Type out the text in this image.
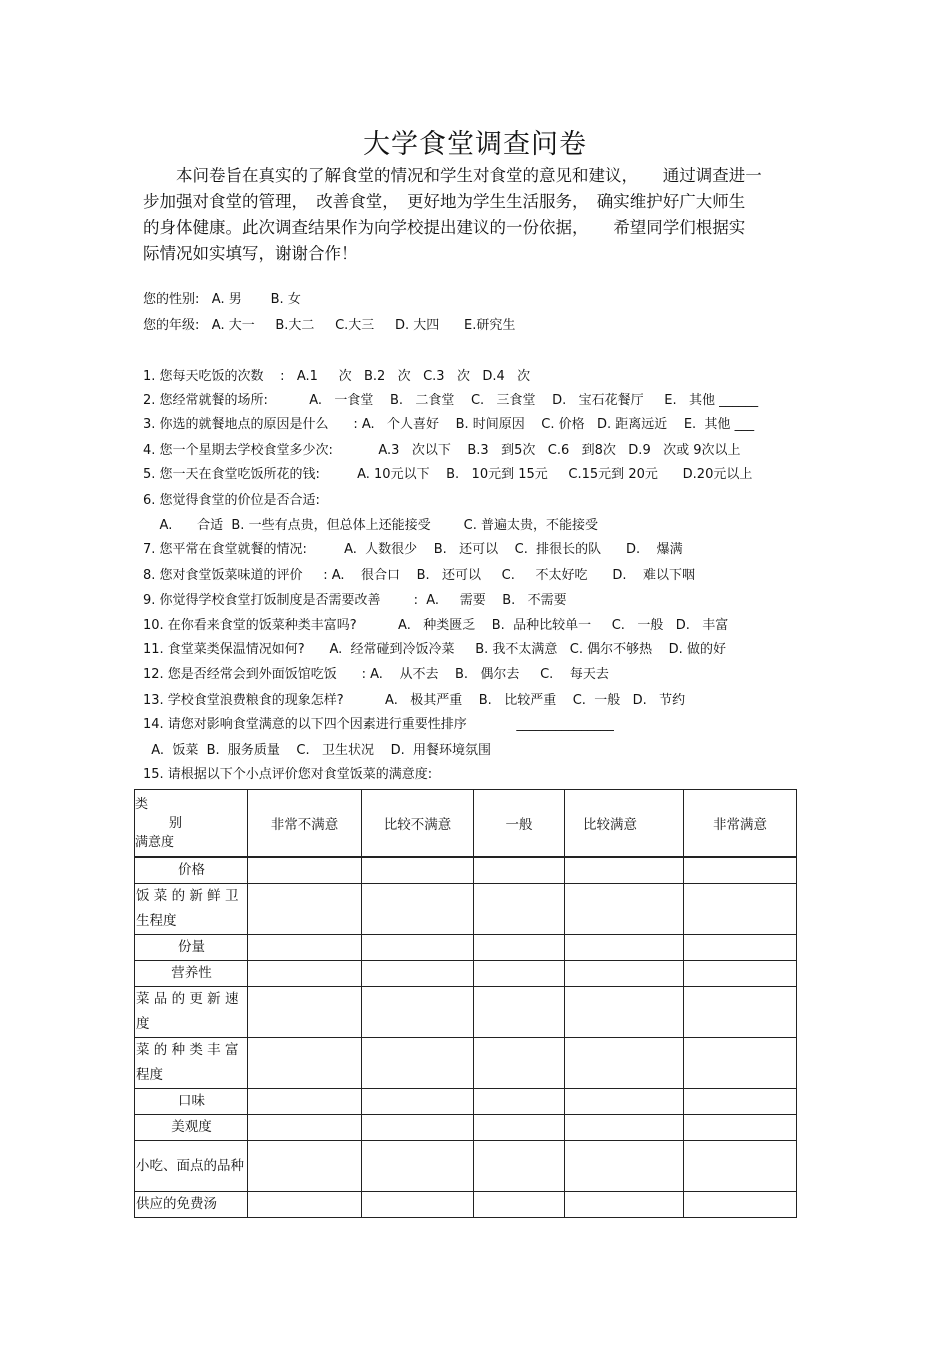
大学食堂调查问卷

　　本问卷旨在真实的了解食堂的情况和学生对食堂的意见和建议，　　通过调查进一

步加强对食堂的管理，　改善食堂，　更好地为学生生活服务，　确实维护好广大师生

的身体健康。此次调查结果作为向学校提出建议的一份依据，　　希望同学们根据实

际情况如实填写，谢谢合作！

您的性别:   A. 男       B. 女
您的年级:   A. 大一     B.大二     C.大三     D. 大四      E.研究生
1. 您每天吃饭的次数    :   A.1     次   B.2   次   C.3   次   D.4   次
2. 您经常就餐的场所:          A.   一食堂    B.   二食堂    C.   三食堂    D.   宝石花餐厅     E.   其他 ______
3. 你选的就餐地点的原因是什么      : A.   个人喜好    B. 时间原因    C. 价格   D. 距离远近    E.  其他 ___
4. 您一个星期去学校食堂多少次:           A.3   次以下    B.3   到5次   C.6   到8次   D.9   次或 9次以上
5. 您一天在食堂吃饭所花的钱:         A. 10元以下    B.   10元到 15元     C.15元到 20元      D.20元以上
6. 您觉得食堂的价位是否合适:
A.      合适  B. 一些有点贵，但总体上还能接受        C. 普遍太贵，不能接受
7. 您平常在食堂就餐的情况:         A.  人数很少    B.   还可以    C.  排很长的队      D.    爆满
8. 您对食堂饭菜味道的评价     : A.    很合口    B.   还可以     C.     不太好吃      D.    难以下咽
9. 你觉得学校食堂打饭制度是否需要改善        :  A.     需要    B.   不需要
10. 在你看来食堂的饭菜种类丰富吗?          A.   种类匮乏    B.  品种比较单一     C.   一般   D.   丰富
11. 食堂菜类保温情况如何?      A.  经常碰到冷饭冷菜     B. 我不太满意   C. 偶尔不够热    D. 做的好
12. 您是否经常会到外面饭馆吃饭      : A.    从不去    B.   偶尔去     C.    每天去
13. 学校食堂浪费粮食的现象怎样?          A.   极其严重    B.   比较严重    C.  一般   D.   节约
14. 请您对影响食堂满意的以下四个因素进行重要性排序            _______________
A.  饭菜  B.  服务质量    C.   卫生状况    D.  用餐环境氛围
15. 请根据以下个小点评价您对食堂饭菜的满意度:
类
别
满意度	非常不满意	比较不满意	一般	比较满意	非常满意
价格					
饭 菜 的 新 鲜 卫 生程度					
份量					
营养性					
菜 品 的 更 新 速 度					
菜 的 种 类 丰 富 程度					
口味					
美观度					
小吃、面点的品种					
供应的免费汤					
